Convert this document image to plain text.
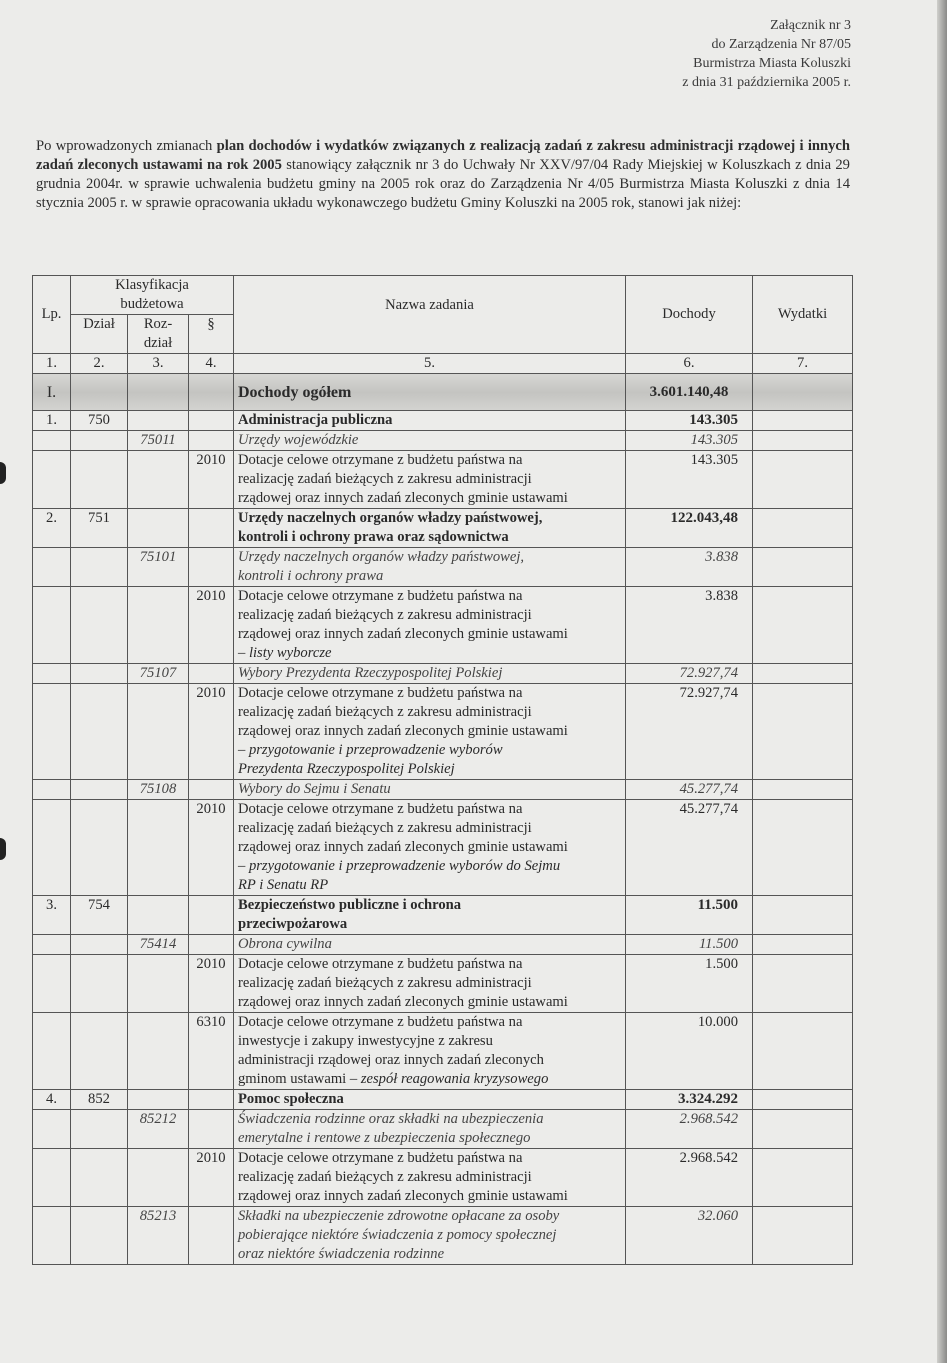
Załącznik nr 3
do Zarządzenia Nr 87/05
Burmistrza Miasta Koluszki
z dnia 31 października 2005 r.
Po wprowadzonych zmianach plan dochodów i wydatków związanych z realizacją zadań z zakresu administracji rządowej i innych zadań zleconych ustawami na rok 2005 stanowiący załącznik nr 3 do Uchwały Nr XXV/97/04 Rady Miejskiej w Koluszkach z dnia 29 grudnia 2004r. w sprawie uchwalenia budżetu gminy na 2005 rok oraz do Zarządzenia Nr 4/05 Burmistrza Miasta Koluszki z dnia 14 stycznia 2005 r. w sprawie opracowania układu wykonawczego budżetu Gminy Koluszki na 2005 rok, stanowi jak niżej:
Lp.	Klasyfikacja budżetowa			Nazwa zadania	Dochody	Wydatki
	Dział	Roz-dział	§			
1.	2.	3.	4.	5.	6.	7.
I.				Dochody ogółem	3.601.140,48	
1.	750			Administracja publiczna	143.305	
		75011		Urzędy wojewódzkie	143.305	
			2010	Dotacje celowe otrzymane z budżetu państwa na
realizację zadań bieżących z zakresu administracji
rządowej oraz innych zadań zleconych gminie ustawami	143.305	
2.	751			Urzędy naczelnych organów władzy państwowej,
kontroli i ochrony prawa oraz sądownictwa	122.043,48	
		75101		Urzędy naczelnych organów władzy państwowej,
kontroli i ochrony prawa	3.838	
			2010	Dotacje celowe otrzymane z budżetu państwa na
realizację zadań bieżących z zakresu administracji
rządowej oraz innych zadań zleconych gminie ustawami
– listy wyborcze	3.838	
		75107		Wybory Prezydenta Rzeczypospolitej Polskiej	72.927,74	
			2010	Dotacje celowe otrzymane z budżetu państwa na
realizację zadań bieżących z zakresu administracji
rządowej oraz innych zadań zleconych gminie ustawami
– przygotowanie i przeprowadzenie wyborów
Prezydenta Rzeczypospolitej Polskiej	72.927,74	
		75108		Wybory do Sejmu i Senatu	45.277,74	
			2010	Dotacje celowe otrzymane z budżetu państwa na
realizację zadań bieżących z zakresu administracji
rządowej oraz innych zadań zleconych gminie ustawami
– przygotowanie i przeprowadzenie wyborów do Sejmu
RP i Senatu RP	45.277,74	
3.	754			Bezpieczeństwo publiczne i ochrona
przeciwpożarowa	11.500	
		75414		Obrona cywilna	11.500	
			2010	Dotacje celowe otrzymane z budżetu państwa na
realizację zadań bieżących z zakresu administracji
rządowej oraz innych zadań zleconych gminie ustawami	1.500	
			6310	Dotacje celowe otrzymane z budżetu państwa na
inwestycje i zakupy inwestycyjne z zakresu
administracji rządowej oraz innych zadań zleconych
gminom ustawami – zespół reagowania kryzysowego	10.000	
4.	852			Pomoc społeczna	3.324.292	
		85212		Świadczenia rodzinne oraz składki na ubezpieczenia
emerytalne i rentowe z ubezpieczenia społecznego	2.968.542	
			2010	Dotacje celowe otrzymane z budżetu państwa na
realizację zadań bieżących z zakresu administracji
rządowej oraz innych zadań zleconych gminie ustawami	2.968.542	
		85213		Składki na ubezpieczenie zdrowotne opłacane za osoby
pobierające niektóre świadczenia z pomocy społecznej
oraz niektóre świadczenia rodzinne	32.060	
